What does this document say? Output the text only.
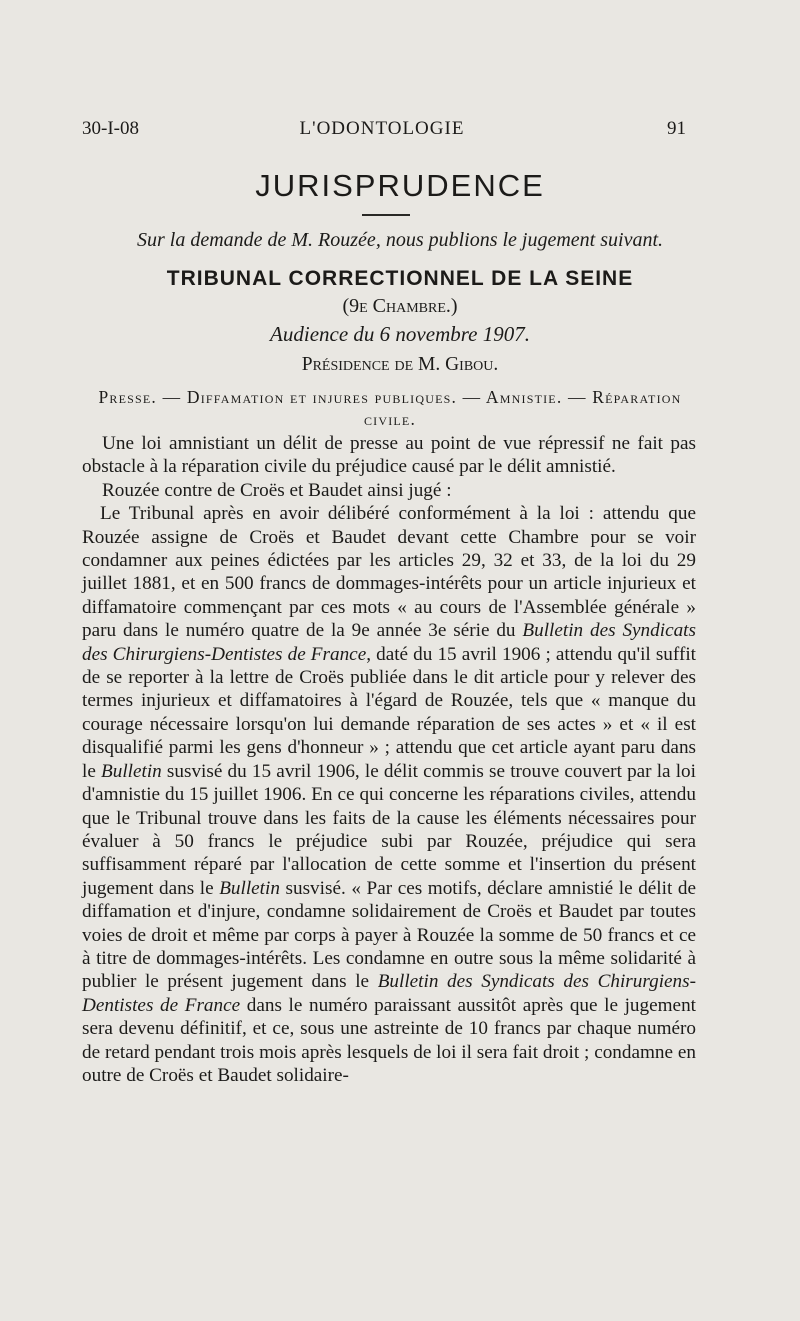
30-I-08	L'ODONTOLOGIE	91
JURISPRUDENCE
Sur la demande de M. Rouzée, nous publions le jugement suivant.
TRIBUNAL CORRECTIONNEL DE LA SEINE
(9e Chambre.)
Audience du 6 novembre 1907.
Présidence de M. Gibou.
Presse. — Diffamation et injures publiques. — Amnistie. — Réparation civile.

Une loi amnistiant un délit de presse au point de vue répressif ne fait pas obstacle à la réparation civile du préjudice causé par le délit amnistié.

Rouzée contre de Croës et Baudet ainsi jugé :

Le Tribunal après en avoir délibéré conformément à la loi : attendu que Rouzée assigne de Croës et Baudet devant cette Chambre pour se voir condamner aux peines édictées par les articles 29, 32 et 33, de la loi du 29 juillet 1881, et en 500 francs de dommages-intérêts pour un article injurieux et diffamatoire commençant par ces mots « au cours de l'Assemblée générale » paru dans le numéro quatre de la 9e année 3e série du Bulletin des Syndicats des Chirurgiens-Dentistes de France, daté du 15 avril 1906 ; attendu qu'il suffit de se reporter à la lettre de Croës publiée dans le dit article pour y relever des termes injurieux et diffamatoires à l'égard de Rouzée, tels que « manque du courage nécessaire lorsqu'on lui demande réparation de ses actes » et « il est disqualifié parmi les gens d'honneur » ; attendu que cet article ayant paru dans le Bulletin susvisé du 15 avril 1906, le délit commis se trouve couvert par la loi d'amnistie du 15 juillet 1906. En ce qui concerne les réparations civiles, attendu que le Tribunal trouve dans les faits de la cause les éléments nécessaires pour évaluer à 50 francs le préjudice subi par Rouzée, préjudice qui sera suffisamment réparé par l'allocation de cette somme et l'insertion du présent jugement dans le Bulletin susvisé. « Par ces motifs, déclare amnistié le délit de diffamation et d'injure, condamne solidairement de Croës et Baudet par toutes voies de droit et même par corps à payer à Rouzée la somme de 50 francs et ce à titre de dommages-intérêts. Les condamne en outre sous la même solidarité à publier le présent jugement dans le Bulletin des Syndicats des Chirurgiens-Dentistes de France dans le numéro paraissant aussitôt après que le jugement sera devenu définitif, et ce, sous une astreinte de 10 francs par chaque numéro de retard pendant trois mois après lesquels de loi il sera fait droit ; condamne en outre de Croës et Baudet solidaire-
